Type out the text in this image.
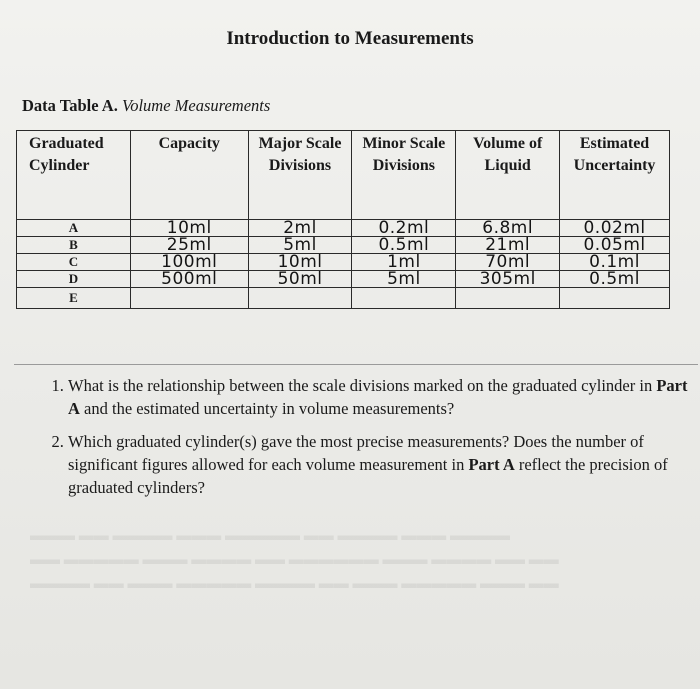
Introduction to Measurements
Data Table A. Volume Measurements
Graduated Cylinder	Capacity	Major Scale Divisions	Minor Scale Divisions	Volume of Liquid	Estimated Uncertainty
A	10ml	2ml	0.2ml	6.8ml	0.02ml
B	25ml	5ml	0.5ml	21ml	0.05ml
C	100ml	10ml	1ml	70ml	0.1ml
D	500ml	50ml	5ml	305ml	0.5ml
E					
1. What is the relationship between the scale divisions marked on the graduated cylinder in Part A and the estimated uncertainty in volume measurements?
2. Which graduated cylinder(s) gave the most precise measurements? Does the number of significant figures allowed for each volume measurement in Part A reflect the precision of graduated cylinders?
▬▬▬ ▬▬ ▬▬▬▬ ▬▬▬ ▬▬▬▬▬ ▬▬ ▬▬▬▬ ▬▬▬ ▬▬▬▬
▬▬ ▬▬▬▬▬ ▬▬▬ ▬▬▬▬ ▬▬ ▬▬▬▬▬▬ ▬▬▬ ▬▬▬▬ ▬▬ ▬▬
▬▬▬▬ ▬▬ ▬▬▬ ▬▬▬▬▬ ▬▬▬▬ ▬▬ ▬▬▬ ▬▬▬▬▬ ▬▬▬ ▬▬
